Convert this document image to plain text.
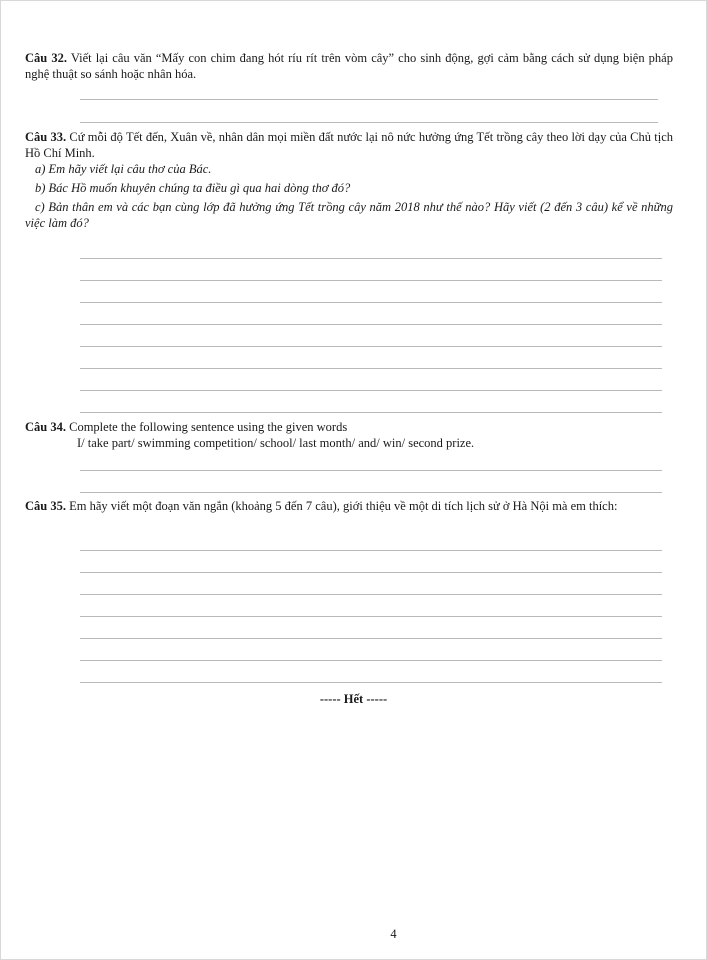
Câu 32. Viết lại câu văn “Mấy con chim đang hót ríu rít trên vòm cây” cho sinh động, gợi cảm bằng cách sử dụng biện pháp nghệ thuật so sánh hoặc nhân hóa.

Câu 33. Cứ mỗi độ Tết đến, Xuân về, nhân dân mọi miền đất nước lại nô nức hưởng ứng Tết trồng cây theo lời dạy của Chủ tịch Hồ Chí Minh.

a) Em hãy viết lại câu thơ của Bác.

b) Bác Hồ muốn khuyên chúng ta điều gì qua hai dòng thơ đó?

c) Bản thân em và các bạn cùng lớp đã hưởng ứng Tết trồng cây năm 2018 như thế nào? Hãy viết (2 đến 3 câu) kể về những việc làm đó?

Câu 34. Complete the following sentence using the given words

I/ take part/ swimming competition/ school/ last month/ and/ win/ second prize.

Câu 35. Em hãy viết một đoạn văn ngắn (khoảng 5 đến 7 câu), giới thiệu về một di tích lịch sử ở Hà Nội mà em thích:

----- Hết -----
4
